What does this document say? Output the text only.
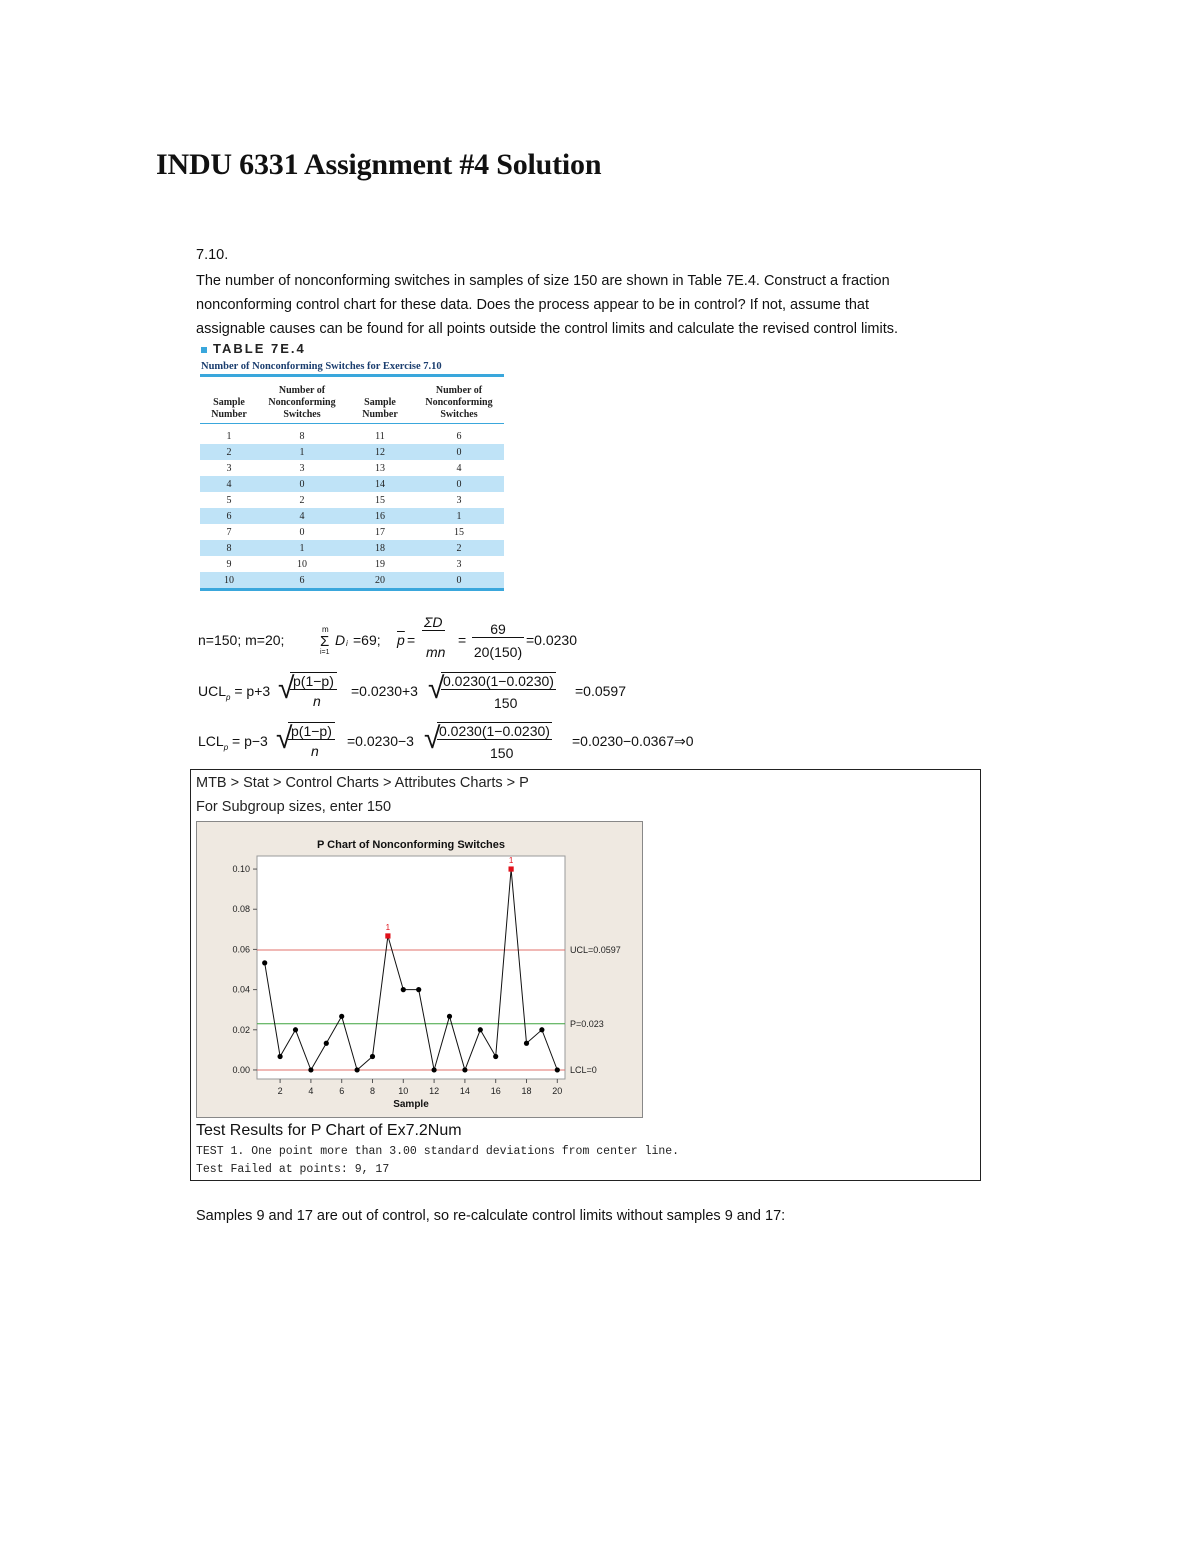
INDU 6331 Assignment #4 Solution
7.10.
The number of nonconforming switches in samples of size 150 are shown in Table 7E.4. Construct a fraction
nonconforming control chart for these data. Does the process appear to be in control? If not, assume that
assignable causes can be found for all points outside the control limits and calculate the revised control limits.
TABLE 7E.4
Number of Nonconforming Switches for Exercise 7.10
Sample Number	Number of Nonconforming Switches	Sample Number	Number of Nonconforming Switches
1	8	11	6
2	1	12	0
3	3	13	4
4	0	14	0
5	2	15	3
6	4	16	1
7	0	17	15
8	1	18	2
9	10	19	3
10	6	20	0
n=150; m=20;
m
Σ
i=1
D i =69; $\overline{p}$ =
ΣD
mn
=
69
20(150)
=0.0230
$UCL_p = p+3$ √
p(1−p)
n
=0.0230+3 √
0.0230(1−0.0230)
150
=0.0597
$LCL_p = p-3$ √
p(1−p)
n
=0.0230−3 √
0.0230(1−0.0230)
150
=0.0230−0.0367⇒0
MTB > Stat > Control Charts > Attributes Charts > P
For Subgroup sizes, enter 150
P Chart of Nonconforming Switches
Sample
0.00
0.02
0.04
0.06
0.08
0.10
2	4	6	8	10 12 14 16 18 20
UCL=0.0597
P=0.023
LCL=0
1
1
Test Results for P Chart of Ex7.2Num
TEST 1. One point more than 3.00 standard deviations from center line.
Test Failed at points: 9, 17
Samples 9 and 17 are out of control, so re-calculate control limits without samples 9 and 17:
